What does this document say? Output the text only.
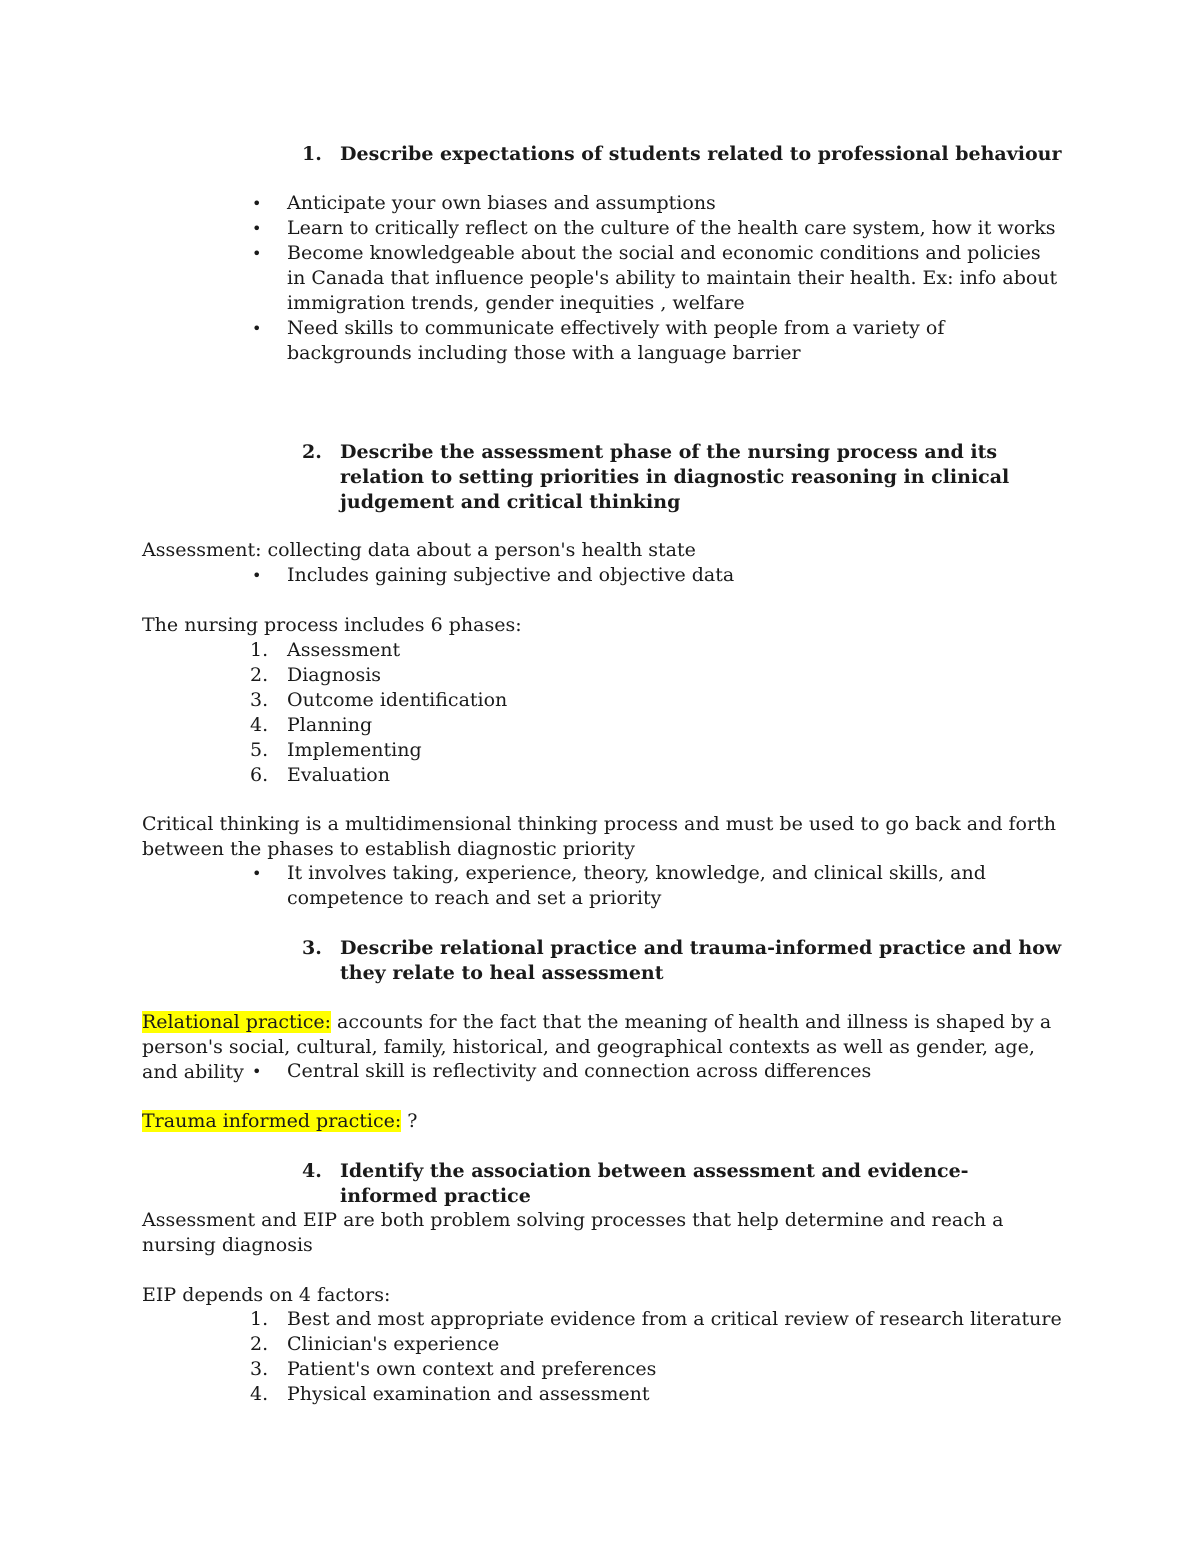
1. Describe expectations of students related to professional behaviour
•	Anticipate your own biases and assumptions
•	Learn to critically reflect on the culture of the health care system, how it works
•	Become knowledgeable about the social and economic conditions and policies in Canada that influence people's ability to maintain their health. Ex: info about immigration trends, gender inequities , welfare
•	Need skills to communicate effectively with people from a variety of backgrounds including those with a language barrier
2. Describe the assessment phase of the nursing process and its relation to setting priorities in diagnostic reasoning in clinical judgement and critical thinking

Assessment: collecting data about a person's health state

•	Includes gaining subjective and objective data

The nursing process includes 6 phases:

1. Assessment
2. Diagnosis
3. Outcome identification
4. Planning
5. Implementing
6. Evaluation

Critical thinking is a multidimensional thinking process and must be used to go back and forth between the phases to establish diagnostic priority

•	It involves taking, experience, theory, knowledge, and clinical skills, and competence to reach and set a priority
3. Describe relational practice and trauma-informed practice and how they relate to heal assessment

Relational practice: accounts for the fact that the meaning of health and illness is shaped by a person's social, cultural, family, historical, and geographical contexts as well as gender, age, and ability •	Central skill is reflectivity and connection across differences

Trauma informed practice: ?

4. Identify the association between assessment and evidence-informed practice

Assessment and EIP are both problem solving processes that help determine and reach a nursing diagnosis

EIP depends on 4 factors:

1. Best and most appropriate evidence from a critical review of research literature
2. Clinician's experience
3. Patient's own context and preferences
4. Physical examination and assessment
